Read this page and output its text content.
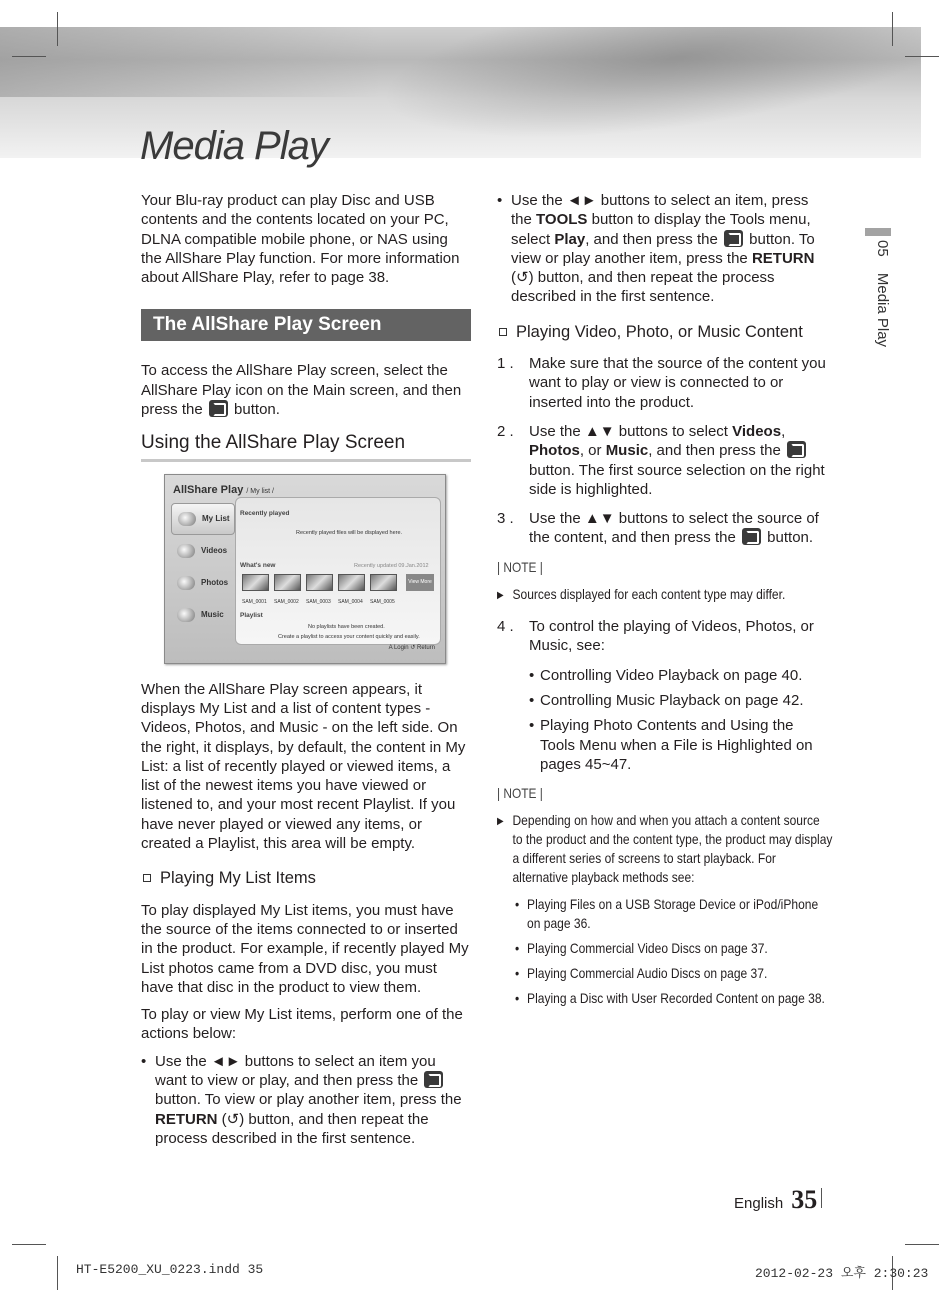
Media Play
05 Media Play

Your Blu-ray product can play Disc and USB contents and the contents located on your PC, DLNA compatible mobile phone, or NAS using the AllShare Play function. For more information about AllShare Play, refer to page 38.

The AllShare Play Screen

To access the AllShare Play screen, select the AllShare Play icon on the Main screen, and then press the button.

Using the AllShare Play Screen
AllShare Play / My list /
My List
Videos
Photos
Music
Recently played
Recently played files will be displayed here.
What's new	Recently updated 09.Jan.2012
SAM_0001 SAM_0002 SAM_0003 SAM_0004 SAM_0005
View More
Playlist
No playlists have been created.
Create a playlist to access your content quickly and easily.
A Login ↺ Return

When the AllShare Play screen appears, it displays My List and a list of content types - Videos, Photos, and Music - on the left side. On the right, it displays, by default, the content in My List: a list of recently played or viewed items, a list of the newest items you have viewed or listened to, and your most recent Playlist. If you have never played or viewed any items, or created a Playlist, this area will be empty.

Playing My List Items

To play displayed My List items, you must have the source of the items connected to or inserted in the product. For example, if recently played My List photos came from a DVD disc, you must have that disc in the product to view them.

To play or view My List items, perform one of the actions below:

• Use the ◄► buttons to select an item you want to view or play, and then press the  button. To view or play another item, press the RETURN (↺) button, and then repeat the process described in the first sentence.
• Use the ◄► buttons to select an item, press the TOOLS button to display the Tools menu, select Play, and then press the button. To view or play another item, press the RETURN (↺) button, and then repeat the process described in the first sentence.
Playing Video, Photo, or Music Content
1 .	Make sure that the source of the content you want to play or view is connected to or inserted into the product.
2 .	Use the ▲▼ buttons to select Videos, Photos, or Music, and then press the  button. The first source selection on the right side is highlighted.
3 .	Use the ▲▼ buttons to select the source of the content, and then press the button.
| NOTE |
▶ Sources displayed for each content type may differ.
4 .	To control the playing of Videos, Photos, or Music, see:
• Controlling Video Playback on page 40.
• Controlling Music Playback on page 42.
• Playing Photo Contents and Using the Tools Menu when a File is Highlighted on pages 45~47.
| NOTE |
▶ Depending on how and when you attach a content source to the product and the content type, the product may display a different series of screens to start playback. For alternative playback methods see:
• Playing Files on a USB Storage Device or iPod/iPhone on page 36.
• Playing Commercial Video Discs on page 37.
• Playing Commercial Audio Discs on page 37.
• Playing a Disc with User Recorded Content on page 38.
English 35
HT-E5200_XU_0223.indd 35	2012-02-23 오후 2:30:23
